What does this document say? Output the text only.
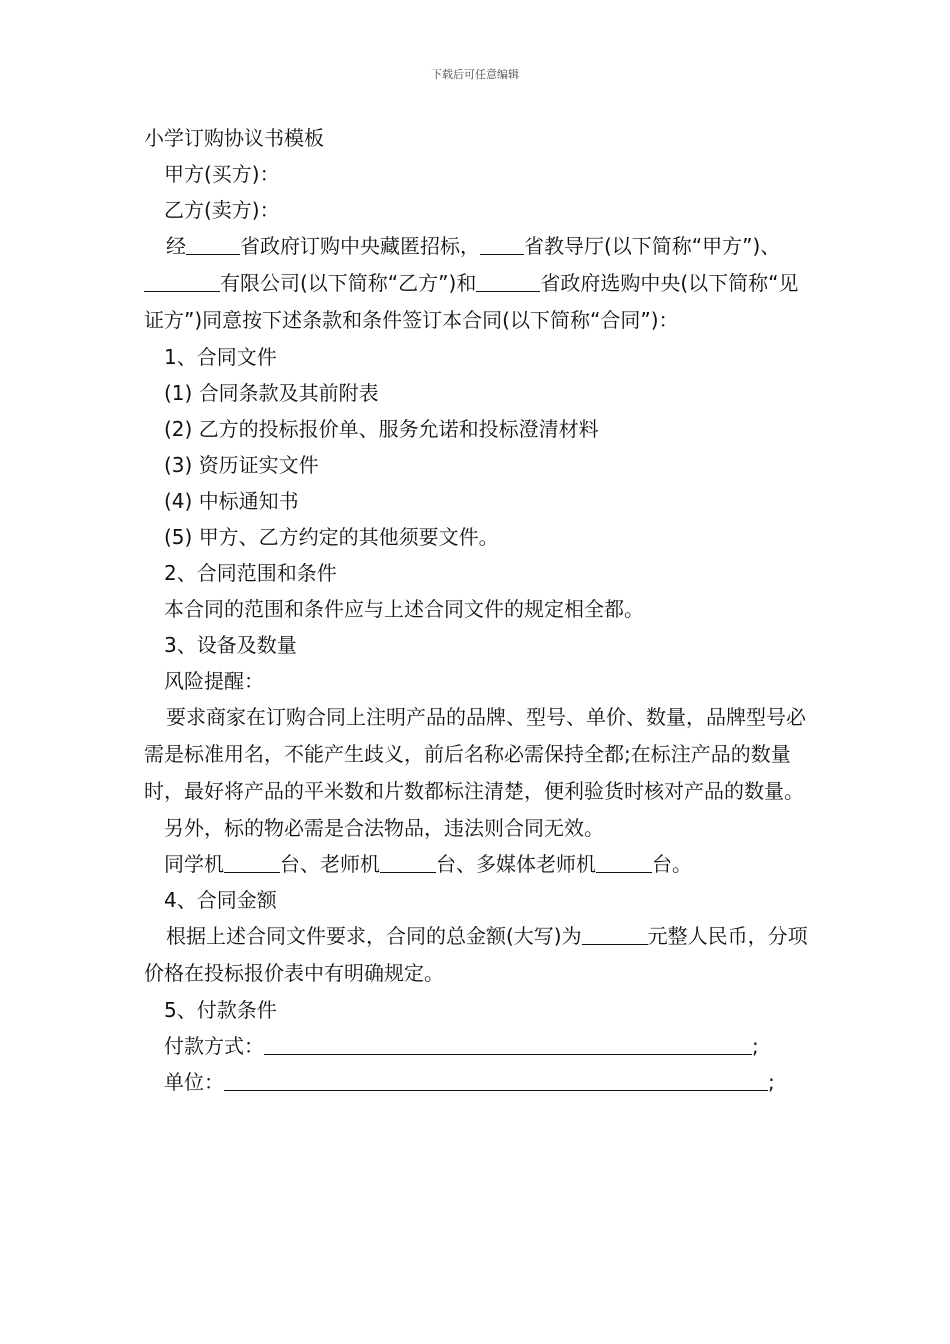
下载后可任意编辑
小学订购协议书模板
甲方(买方)：
乙方(卖方)：
经	省政府订购中央藏匿招标， 省教导厅(以下简称“甲方”)、有限公司(以下简称“乙方”)和	省政府选购中央(以下简称“见证方”)同意按下述条款和条件签订本合同(以下简称“合同”)：
1、合同文件
(1) 合同条款及其前附表
(2) 乙方的投标报价单、服务允诺和投标澄清材料
(3) 资历证实文件
(4) 中标通知书
(5) 甲方、乙方约定的其他须要文件。
2、合同范围和条件
本合同的范围和条件应与上述合同文件的规定相全都。
3、设备及数量
风险提醒：
要求商家在订购合同上注明产品的品牌、型号、单价、数量，品牌型号必需是标准用名，不能产生歧义，前后名称必需保持全都;在标注产品的数量时，最好将产品的平米数和片数都标注清楚，便利验货时核对产品的数量。
另外，标的物必需是合法物品，违法则合同无效。
同学机	台、老师机	台、多媒体老师机	台。
4、合同金额
根据上述合同文件要求，合同的总金额(大写)为	元整人民币，分项价格在投标报价表中有明确规定。
5、付款条件
付款方式：	;
单位：	;
